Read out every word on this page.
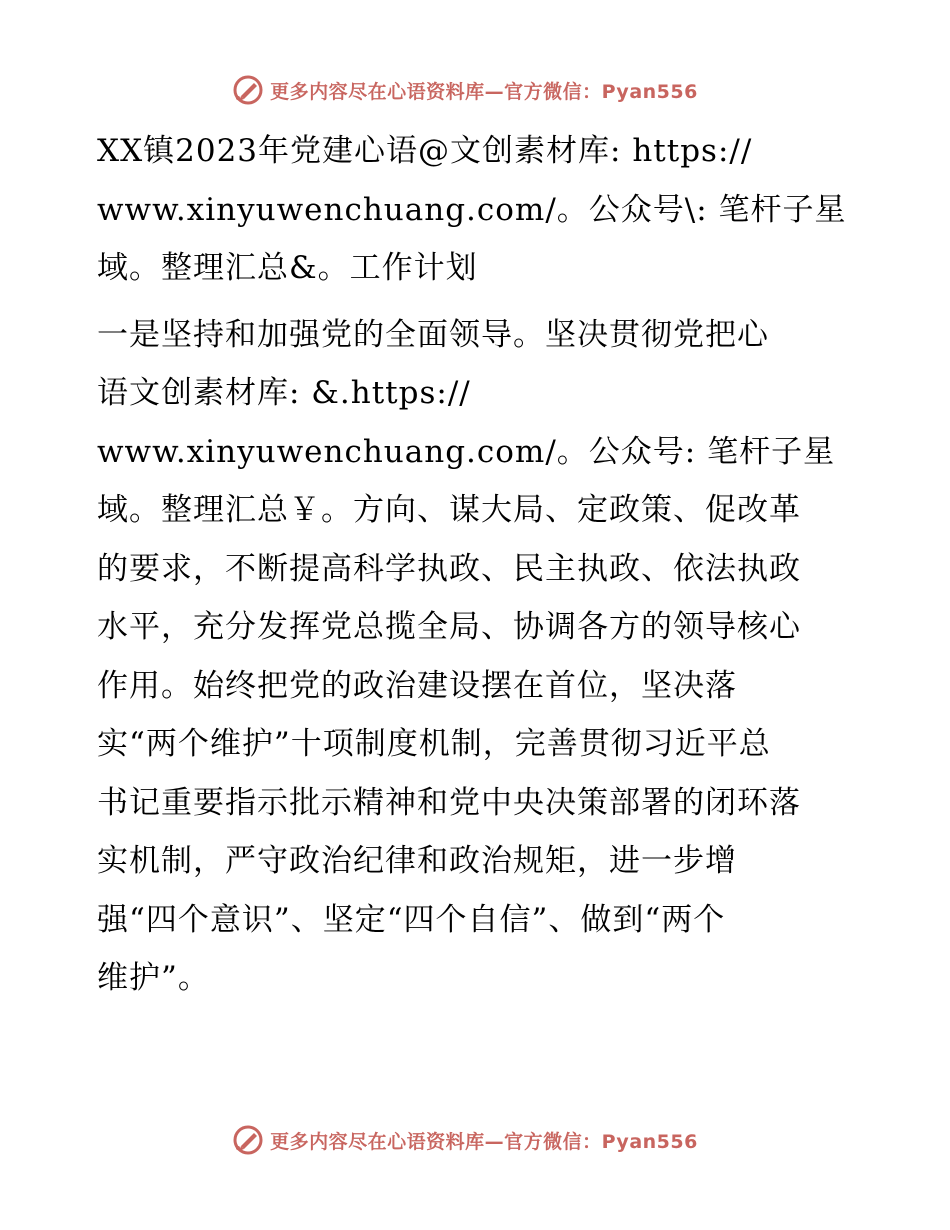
更多内容尽在心语资料库—官方微信：Pyan556

XX镇2023年党建心语@文创素材库: https://
www.xinyuwenchuang.com/。公众号\: 笔杆子星
域。整理汇总&。工作计划

一是坚持和加强党的全面领导。坚决贯彻党把心
语文创素材库: &.https://
www.xinyuwenchuang.com/。公众号: 笔杆子星
域。整理汇总￥。方向、谋大局、定政策、促改革
的要求，不断提高科学执政、民主执政、依法执政
水平，充分发挥党总揽全局、协调各方的领导核心
作用。始终把党的政治建设摆在首位，坚决落
实“两个维护”十项制度机制，完善贯彻习近平总
书记重要指示批示精神和党中央决策部署的闭环落
实机制，严守政治纪律和政治规矩，进一步增
强“四个意识”、坚定“四个自信”、做到“两个
维护”。

更多内容尽在心语资料库—官方微信：Pyan556
